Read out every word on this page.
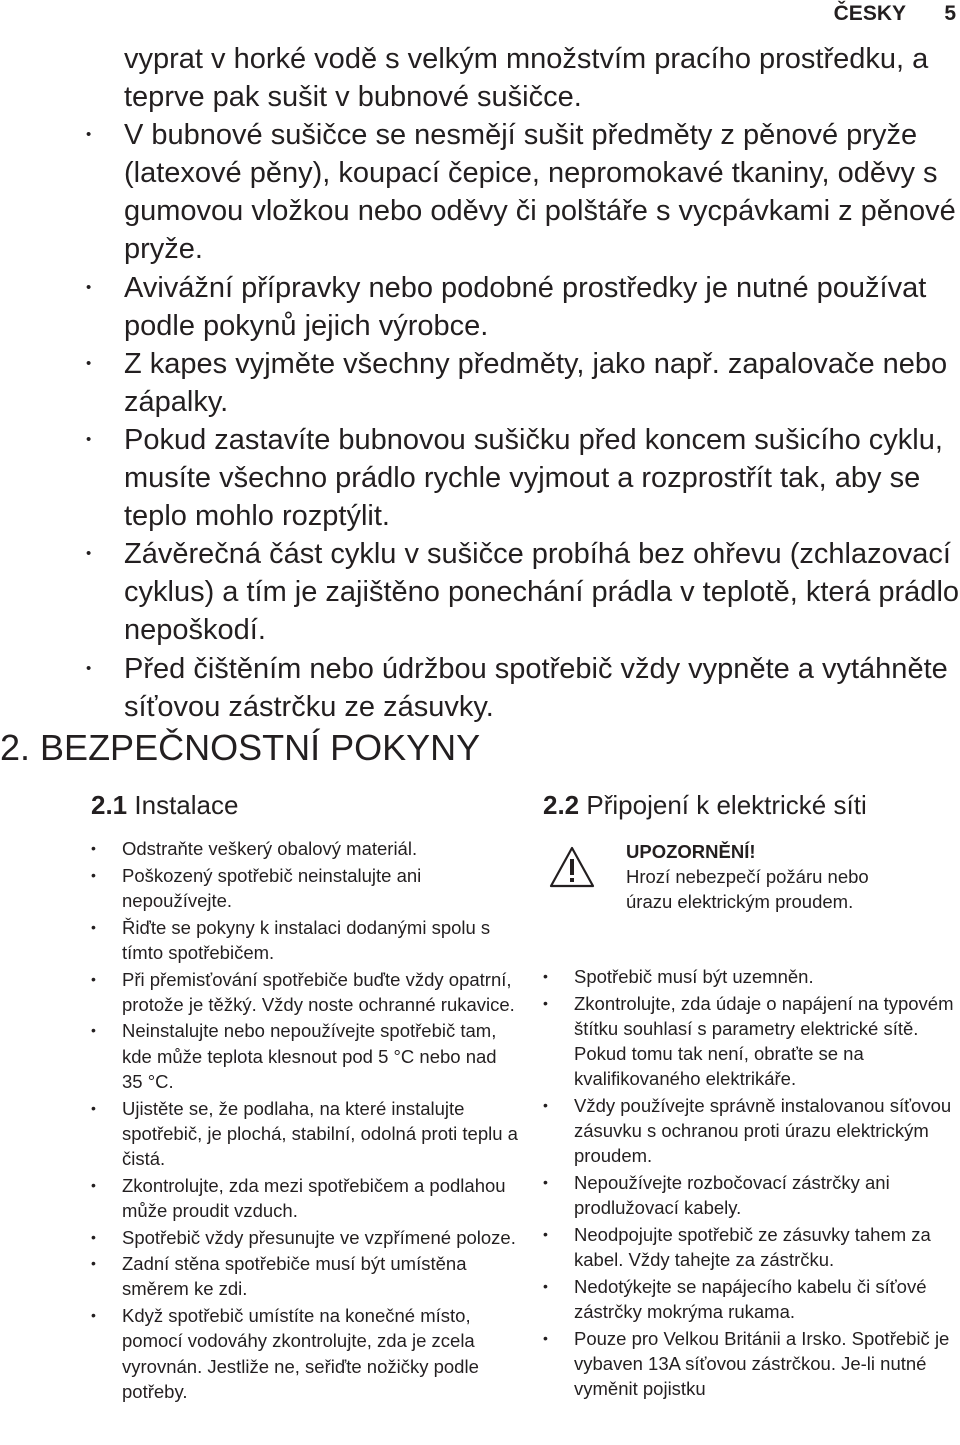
ČESKY 5

vyprat v horké vodě s velkým množstvím pracího prostředku, a teprve pak sušit v bubnové sušičce.

• V bubnové sušičce se nesmějí sušit předměty z pěnové pryže (latexové pěny), koupací čepice, nepromokavé tkaniny, oděvy s gumovou vložkou nebo oděvy či polštáře s vycpávkami z pěnové pryže.
• Avivážní přípravky nebo podobné prostředky je nutné používat podle pokynů jejich výrobce.
• Z kapes vyjměte všechny předměty, jako např. zapalovače nebo zápalky.
• Pokud zastavíte bubnovou sušičku před koncem sušicího cyklu, musíte všechno prádlo rychle vyjmout a rozprostřít tak, aby se teplo mohlo rozptýlit.
• Závěrečná část cyklu v sušičce probíhá bez ohřevu (zchlazovací cyklus) a tím je zajištěno ponechání prádla v teplotě, která prádlo nepoškodí.
• Před čištěním nebo údržbou spotřebič vždy vypněte a vytáhněte síťovou zástrčku ze zásuvky.
2. BEZPEČNOSTNÍ POKYNY
2.1 Instalace
• Odstraňte veškerý obalový materiál.
• Poškozený spotřebič neinstalujte ani nepoužívejte.
• Řiďte se pokyny k instalaci dodanými spolu s tímto spotřebičem.
• Při přemisťování spotřebiče buďte vždy opatrní, protože je těžký. Vždy noste ochranné rukavice.
• Neinstalujte nebo nepoužívejte spotřebič tam, kde může teplota klesnout pod 5 °C nebo nad 35 °C.
• Ujistěte se, že podlaha, na které instalujte spotřebič, je plochá, stabilní, odolná proti teplu a čistá.
• Zkontrolujte, zda mezi spotřebičem a podlahou může proudit vzduch.
• Spotřebič vždy přesunujte ve vzpřímené poloze.
• Zadní stěna spotřebiče musí být umístěna směrem ke zdi.
• Když spotřebič umístíte na konečné místo, pomocí vodováhy zkontrolujte, zda je zcela vyrovnán. Jestliže ne, seřiďte nožičky podle potřeby.
2.2 Připojení k elektrické síti
UPOZORNĚNÍ!
Hrozí nebezpečí požáru nebo úrazu elektrickým proudem.
• Spotřebič musí být uzemněn.
• Zkontrolujte, zda údaje o napájení na typovém štítku souhlasí s parametry elektrické sítě. Pokud tomu tak není, obraťte se na kvalifikovaného elektrikáře.
• Vždy používejte správně instalovanou síťovou zásuvku s ochranou proti úrazu elektrickým proudem.
• Nepoužívejte rozbočovací zástrčky ani prodlužovací kabely.
• Neodpojujte spotřebič ze zásuvky tahem za kabel. Vždy tahejte za zástrčku.
• Nedotýkejte se napájecího kabelu či síťové zástrčky mokrýma rukama.
• Pouze pro Velkou Británii a Irsko. Spotřebič je vybaven 13A síťovou zástrčkou. Je-li nutné vyměnit pojistku
